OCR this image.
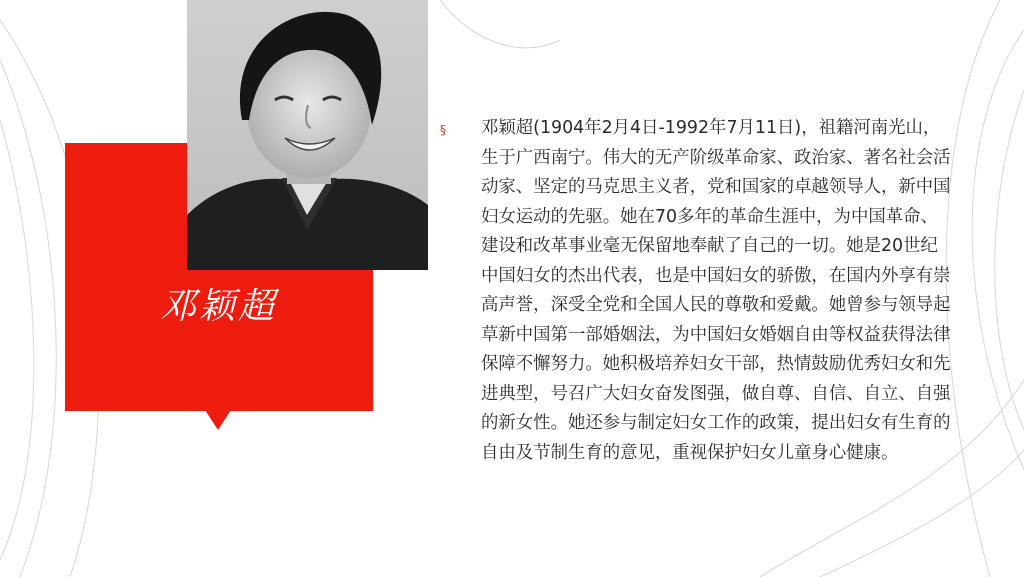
邓颖超
§ 邓颖超(1904年2月4日-1992年7月11日)，祖籍河南光山，生于广西南宁。伟大的无产阶级革命家、政治家、著名社会活动家、坚定的马克思主义者，党和国家的卓越领导人，新中国妇女运动的先驱。她在70多年的革命生涯中，为中国革命、建设和改革事业毫无保留地奉献了自己的一切。她是20世纪中国妇女的杰出代表，也是中国妇女的骄傲，在国内外享有崇高声誉，深受全党和全国人民的尊敬和爱戴。她曾参与领导起草新中国第一部婚姻法，为中国妇女婚姻自由等权益获得法律保障不懈努力。她积极培养妇女干部，热情鼓励优秀妇女和先进典型，号召广大妇女奋发图强，做自尊、自信、自立、自强的新女性。她还参与制定妇女工作的政策，提出妇女有生育的自由及节制生育的意见，重视保护妇女儿童身心健康。
